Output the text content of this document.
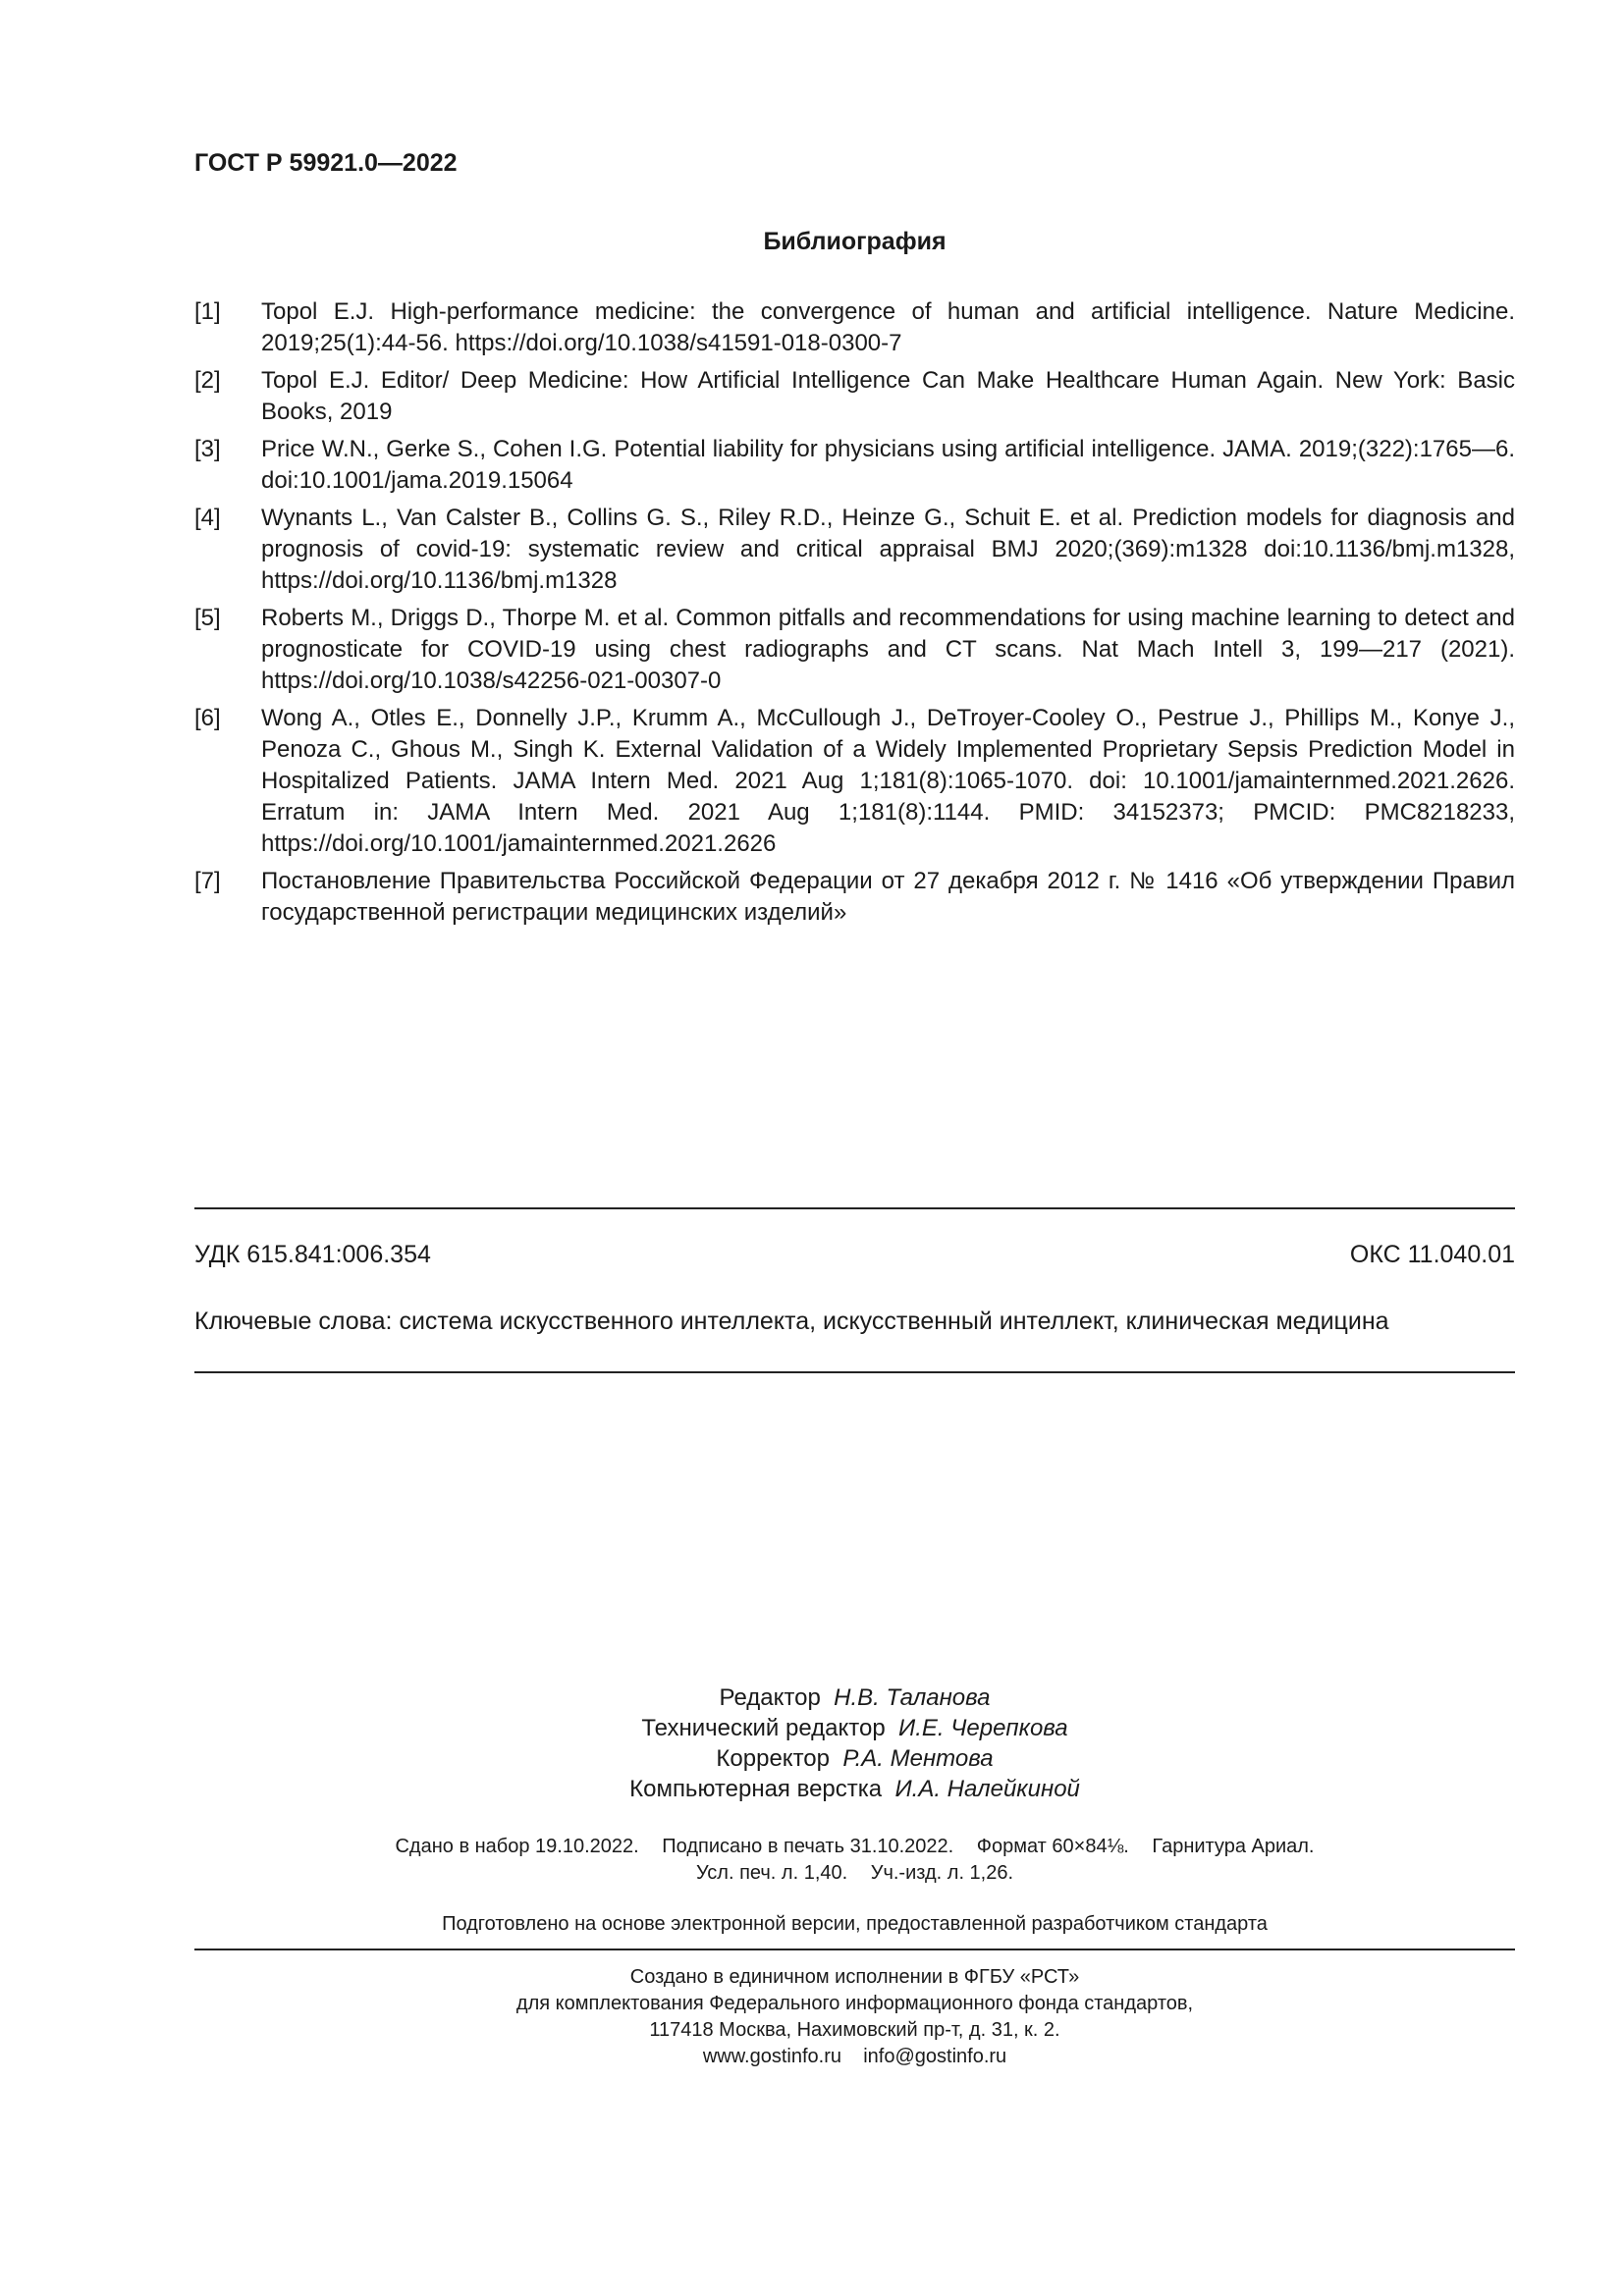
ГОСТ Р 59921.0—2022
Библиография
[1]	Topol E.J. High-performance medicine: the convergence of human and artificial intelligence. Nature Medicine. 2019;25(1):44-56. https://doi.org/10.1038/s41591-018-0300-7
[2]	Topol E.J. Editor/ Deep Medicine: How Artificial Intelligence Can Make Healthcare Human Again. New York: Basic Books, 2019
[3]	Price W.N., Gerke S., Cohen I.G. Potential liability for physicians using artificial intelligence. JAMA. 2019;(322):1765—6. doi:10.1001/jama.2019.15064
[4]	Wynants L., Van Calster B., Collins G. S., Riley R.D., Heinze G., Schuit E. et al. Prediction models for diagnosis and prognosis of covid-19: systematic review and critical appraisal BMJ 2020;(369):m1328 doi:10.1136/bmj.m1328, https://doi.org/10.1136/bmj.m1328
[5]	Roberts M., Driggs D., Thorpe M. et al. Common pitfalls and recommendations for using machine learning to detect and prognosticate for COVID-19 using chest radiographs and CT scans. Nat Mach Intell 3, 199—217 (2021). https://doi.org/10.1038/s42256-021-00307-0
[6]	Wong A., Otles E., Donnelly J.P., Krumm A., McCullough J., DeTroyer-Cooley O., Pestrue J., Phillips M., Konye J., Penoza C., Ghous M., Singh K. External Validation of a Widely Implemented Proprietary Sepsis Prediction Model in Hospitalized Patients. JAMA Intern Med. 2021 Aug 1;181(8):1065-1070. doi: 10.1001/jamainternmed.2021.2626. Erratum in: JAMA Intern Med. 2021 Aug 1;181(8):1144. PMID: 34152373; PMCID: PMC8218233, https://doi.org/10.1001/jamainternmed.2021.2626
[7]	Постановление Правительства Российской Федерации от 27 декабря 2012 г. № 1416 «Об утверждении Правил государственной регистрации медицинских изделий»
УДК 615.841:006.354	ОКС 11.040.01
Ключевые слова: система искусственного интеллекта, искусственный интеллект, клиническая медицина
Редактор Н.В. Таланова
Технический редактор И.Е. Черепкова
Корректор Р.А. Ментова
Компьютерная верстка И.А. Налейкиной
Сдано в набор 19.10.2022. Подписано в печать 31.10.2022. Формат 60×84⅛. Гарнитура Ариал.
Усл. печ. л. 1,40. Уч.-изд. л. 1,26.
Подготовлено на основе электронной версии, предоставленной разработчиком стандарта
Создано в единичном исполнении в ФГБУ «РСТ»
для комплектования Федерального информационного фонда стандартов,
117418 Москва, Нахимовский пр-т, д. 31, к. 2.
www.gostinfo.ru info@gostinfo.ru
